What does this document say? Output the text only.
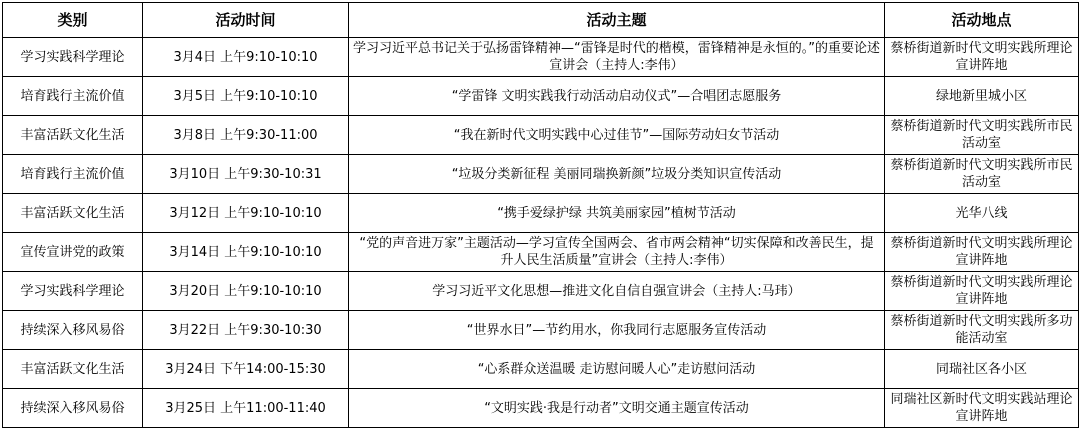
类别	活动时间	活动主题	活动地点
学习实践科学理论	3月4日 上午9:10-10:10	学习习近平总书记关于弘扬雷锋精神—“雷锋是时代的楷模，雷锋精神是永恒的。”的重要论述宣讲会（主持人:李伟）	蔡桥街道新时代文明实践所理论宣讲阵地
培育践行主流价值	3月5日 上午9:10-10:10	“学雷锋 文明实践我行动活动启动仪式”—合唱团志愿服务	绿地新里城小区
丰富活跃文化生活	3月8日 上午9:30-11:00	“我在新时代文明实践中心过佳节”—国际劳动妇女节活动	蔡桥街道新时代文明实践所市民活动室
培育践行主流价值	3月10日 上午9:30-10:31	“垃圾分类新征程 美丽同瑞换新颜”垃圾分类知识宣传活动	蔡桥街道新时代文明实践所市民活动室
丰富活跃文化生活	3月12日 上午9:10-10:10	“携手爱绿护绿 共筑美丽家园”植树节活动	光华八线
宣传宣讲党的政策	3月14日 上午9:10-10:10	“党的声音进万家”主题活动—学习宣传全国两会、省市两会精神“切实保障和改善民生，提升人民生活质量”宣讲会（主持人:李伟）	蔡桥街道新时代文明实践所理论宣讲阵地
学习实践科学理论	3月20日 上午9:10-10:10	学习习近平文化思想—推进文化自信自强宣讲会（主持人:马玮）	蔡桥街道新时代文明实践所理论宣讲阵地
持续深入移风易俗	3月22日 上午9:30-10:30	“世界水日”—节约用水，你我同行志愿服务宣传活动	蔡桥街道新时代文明实践所多功能活动室
丰富活跃文化生活	3月24日 下午14:00-15:30	“心系群众送温暖 走访慰问暖人心”走访慰问活动	同瑞社区各小区
持续深入移风易俗	3月25日 上午11:00-11:40	“文明实践·我是行动者”文明交通主题宣传活动	同瑞社区新时代文明实践站理论宣讲阵地
